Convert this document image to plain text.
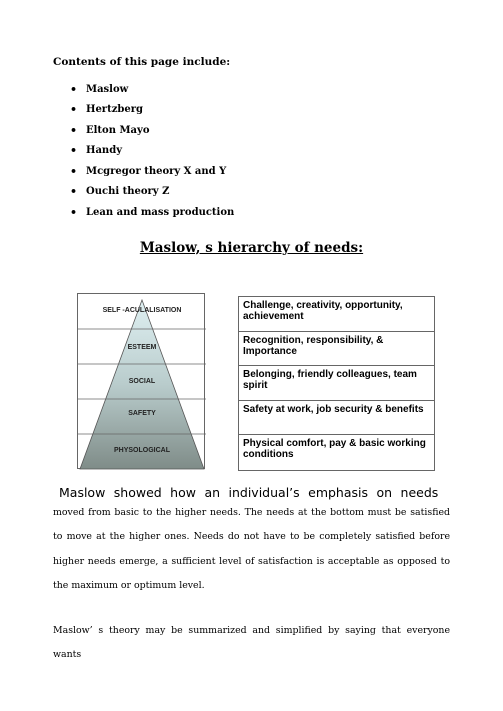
Contents of this page include:
• Maslow
• Hertzberg
• Elton Mayo
• Handy
• Mcgregor theory X and Y
• Ouchi theory Z
• Lean and mass production
Maslow, s hierarchy of needs:
SELF -ACULALISATION
ESTEEM
SOCIAL
SAFETY
PHYSOLOGICAL
Challenge, creativity, opportunity, achievement
Recognition, responsibility, & Importance
Belonging, friendly colleagues, team spirit
Safety at work, job security & benefits
Physical comfort, pay & basic working conditions
Maslow showed how an individual’s emphasis on needs
moved from basic to the higher needs. The needs at the bottom must be satisfied to move at the higher ones. Needs do not have to be completely satisfied before higher needs emerge, a sufficient level of satisfaction is acceptable as opposed to the maximum or optimum level.
Maslow’ s theory may be summarized and simplified by saying that everyone wants
